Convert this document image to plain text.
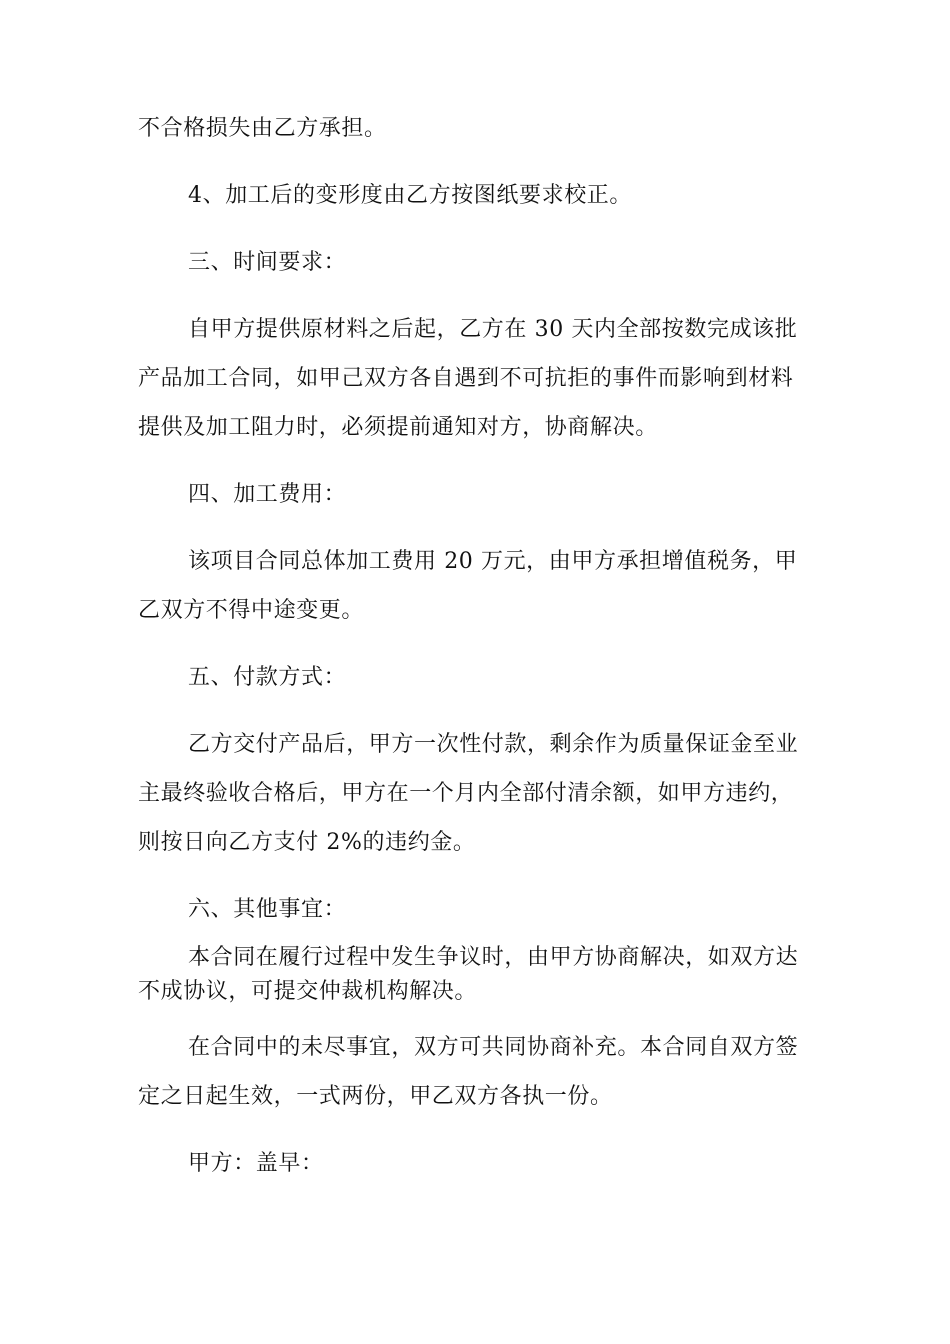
不合格损失由乙方承担。
4、加工后的变形度由乙方按图纸要求校正。
三、时间要求：
自甲方提供原材料之后起，乙方在 30 天内全部按数完成该批
产品加工合同，如甲己双方各自遇到不可抗拒的事件而影响到材料
提供及加工阻力时，必须提前通知对方，协商解决。
四、加工费用：
该项目合同总体加工费用 20 万元，由甲方承担增值税务，甲
乙双方不得中途变更。
五、付款方式：
乙方交付产品后，甲方一次性付款，剩余作为质量保证金至业
主最终验收合格后，甲方在一个月内全部付清余额，如甲方违约，
则按日向乙方支付 2%的违约金。
六、其他事宜：
本合同在履行过程中发生争议时，由甲方协商解决，如双方达
不成协议，可提交仲裁机构解决。
在合同中的未尽事宜，双方可共同协商补充。本合同自双方签
定之日起生效，一式两份，甲乙双方各执一份。
甲方：盖早：
